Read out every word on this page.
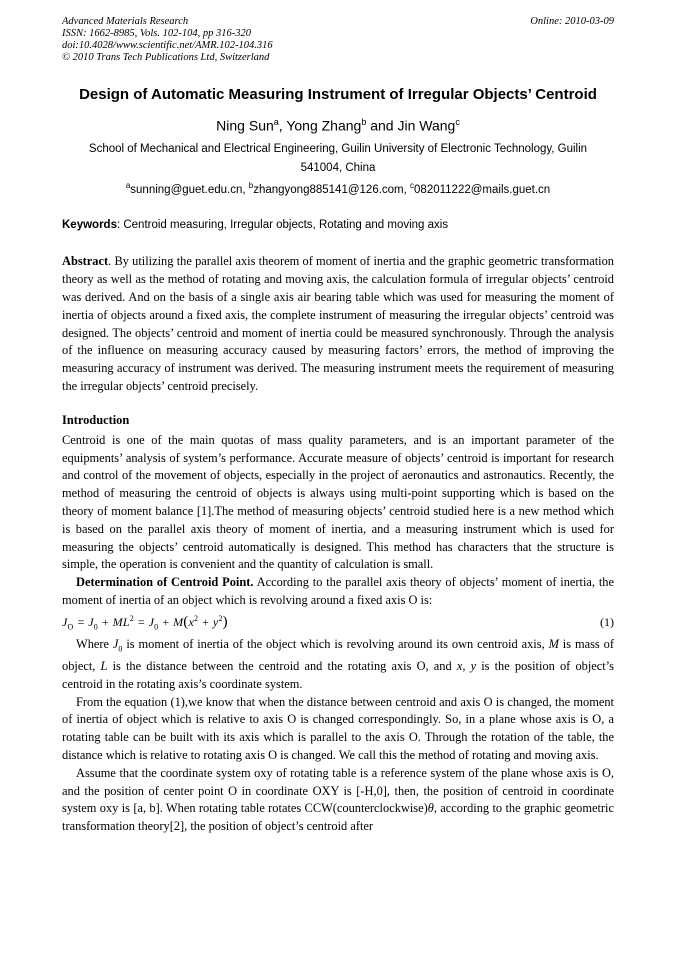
Advanced Materials Research	Online: 2010-03-09
ISSN: 1662-8985, Vols. 102-104, pp 316-320
doi:10.4028/www.scientific.net/AMR.102-104.316
© 2010 Trans Tech Publications Ltd, Switzerland
Design of Automatic Measuring Instrument of Irregular Objects’ Centroid
Ning Sun$^a$, Yong Zhang$^b$ and Jin Wang$^c$
School of Mechanical and Electrical Engineering, Guilin University of Electronic Technology, Guilin
541004, China
$^a$sunning@guet.edu.cn, $^b$zhangyong885141@126.com, $^c$082011222@mails.guet.cn
Keywords: Centroid measuring, Irregular objects, Rotating and moving axis

Abstract. By utilizing the parallel axis theorem of moment of inertia and the graphic geometric transformation theory as well as the method of rotating and moving axis, the calculation formula of irregular objects’ centroid was derived. And on the basis of a single axis air bearing table which was used for measuring the moment of inertia of objects around a fixed axis, the complete instrument of measuring the irregular objects’ centroid was designed. The objects’ centroid and moment of inertia could be measured synchronously. Through the analysis of the influence on measuring accuracy caused by measuring factors’ errors, the method of improving the measuring accuracy of instrument was derived. The measuring instrument meets the requirement of measuring the irregular objects’ centroid precisely.

Introduction

Centroid is one of the main quotas of mass quality parameters, and is an important parameter of the equipments’ analysis of system’s performance. Accurate measure of objects’ centroid is important for research and control of the movement of objects, especially in the project of aeronautics and astronautics. Recently, the method of measuring the centroid of objects is always using multi-point supporting which is based on the theory of moment balance [1].The method of measuring objects’ centroid studied here is a new method which is based on the parallel axis theory of moment of inertia, and a measuring instrument which is used for measuring the objects’ centroid automatically is designed. This method has characters that the structure is simple, the operation is convenient and the quantity of calculation is small.

Determination of Centroid Point. According to the parallel axis theory of objects’ moment of inertia, the moment of inertia of an object which is revolving around a fixed axis O is:

$J_O = J_0 + ML^2 = J_0 + M(x^2 + y^2)$	(1)

Where $J_0$ is moment of inertia of the object which is revolving around its own centroid axis, M is mass of object, L is the distance between the centroid and the rotating axis O, and x, y is the position of object’s centroid in the rotating axis’s coordinate system.

From the equation (1),we know that when the distance between centroid and axis O is changed, the moment of inertia of object which is relative to axis O is changed correspondingly. So, in a plane whose axis is O, a rotating table can be built with its axis which is parallel to the axis O. Through the rotation of the table, the distance which is relative to rotating axis O is changed. We call this the method of rotating and moving axis.

Assume that the coordinate system oxy of rotating table is a reference system of the plane whose axis is O, and the position of center point O in coordinate OXY is [-H,0], then, the position of centroid in coordinate system oxy is [a, b]. When rotating table rotates CCW(counterclockwise)θ, according to the graphic geometric transformation theory[2], the position of object’s centroid after
